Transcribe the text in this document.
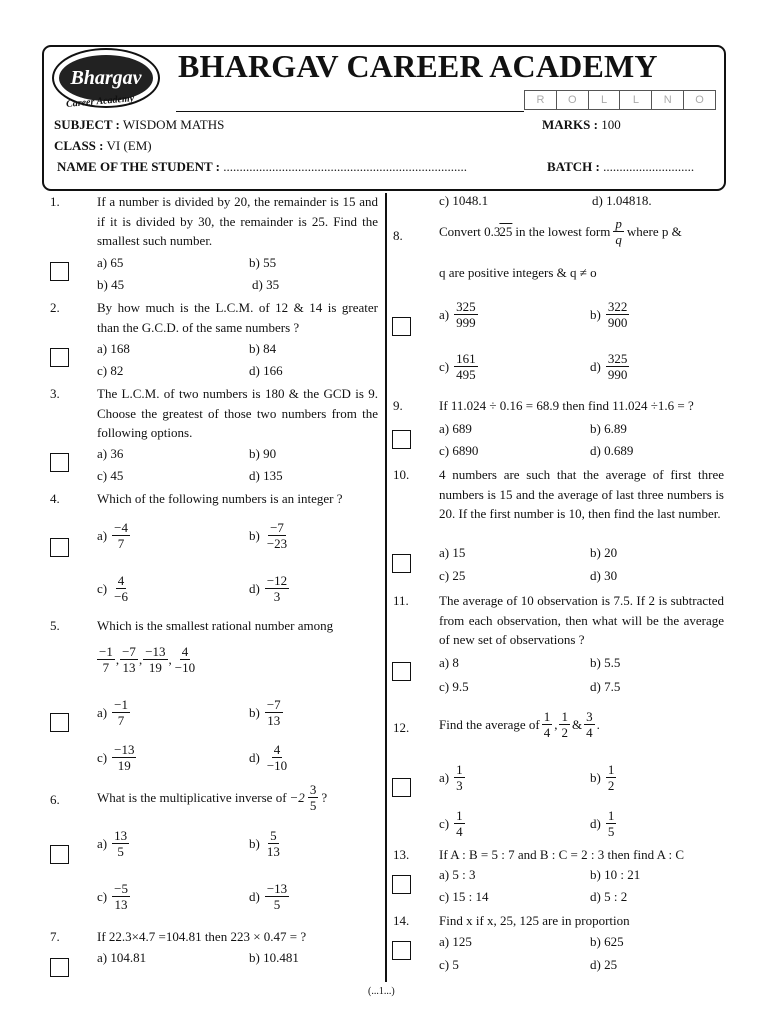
Bhargav
Career Academy
BHARGAV CAREER ACADEMY
R	O	L	L	N	O
SUBJECT : WISDOM MATHS	MARKS : 100
CLASS : VI (EM)
NAME OF THE STUDENT : ...........................................................................	BATCH : ............................
1.	If a number is divided by 20, the remainder is 15 and if it is divided by 30, the remainder is 25. Find the smallest such number.
a) 65	b) 55
b) 45	d) 35
2.	By how much is the L.C.M. of 12 & 14 is greater than the G.C.D. of the same numbers ?
a) 168	b) 84
c) 82	d) 166
3.	The L.C.M. of two numbers is 180 & the GCD is 9. Choose the greatest of those two numbers from the following options.
a) 36	b) 90
c) 45	d) 135
4.	Which of the following numbers is an integer ?
$a) \frac{-4}{7}$	$b) \frac{-7}{-23}$
$c) \frac{4}{-6}$	$d) \frac{-12}{3}$
5.	Which is the smallest rational number among
$\frac{-1}{7}$ , $\frac{-7}{13}$ , $\frac{-13}{19}$ , $\frac{4}{-10}$
$a) \frac{-1}{7}$	$b) \frac{-7}{13}$
$c) \frac{-13}{19}$	$d) \frac{4}{-10}$
6.	What is the multiplicative inverse of $-2 \frac{3}{5}$ ?
$a) \frac{13}{5}$	$b) \frac{5}{13}$
$c) \frac{-5}{13}$	$d) \frac{-13}{5}$
7.	If 22.3×4.7 =104.81 then 223 × 0.47 = ?
a) 104.81	b) 10.481
c) 1048.1	d) 1.04818.
8.	Convert 0.3 25 in the lowest form $\frac{p}{q}$ where p &
q are positive integers & q ≠ o
$a) \frac{325}{999}$	$b) \frac{322}{900}$
$c) \frac{161}{495}$	$d) \frac{325}{990}$
9.	If 11.024 ÷ 0.16 = 68.9 then find 11.024 ÷1.6 = ?
a) 689	b) 6.89
c) 6890	d) 0.689
10. 4 numbers are such that the average of first three numbers is 15 and the average of last three numbers is 20. If the first number is 10, then find the last number.
a) 15	b) 20
c) 25	d) 30
11. The average of 10 observation is 7.5. If 2 is subtracted from each observation, then what will be the average of new set of observations ?
a) 8	b) 5.5
c) 9.5	d) 7.5
12. Find the average of $\frac{1}{4}$ , $\frac{1}{2}$ & $\frac{3}{4}$ .
$a) \frac{1}{3}$	$b) \frac{1}{2}$
$c) \frac{1}{4}$	$d) \frac{1}{5}$
13. If A : B = 5 : 7 and B : C = 2 : 3 then find A : C
a) 5 : 3	b) 10 : 21
c) 15 : 14	d) 5 : 2
14. Find x if x, 25, 125 are in proportion
a) 125	b) 625
c) 5	d) 25
(...1...)
